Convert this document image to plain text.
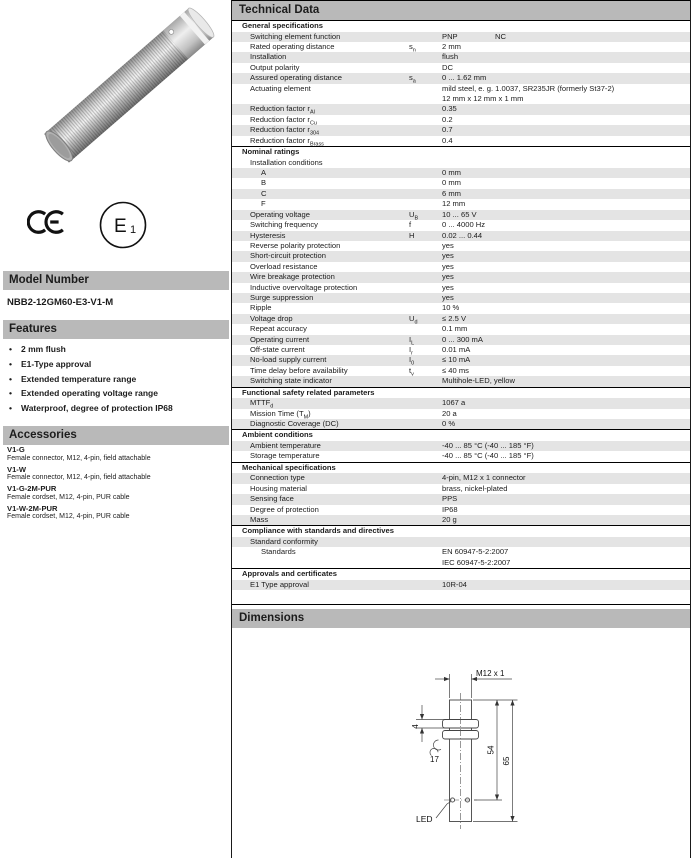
E 1
Model Number
NBB2-12GM60-E3-V1-M
Features
• 2 mm flush
• E1-Type approval
• Extended temperature range
• Extended operating voltage range
• Waterproof, degree of protection IP68
Accessories
V1-G
Female connector, M12, 4-pin, field attachable
V1-W
Female connector, M12, 4-pin, field attachable
V1-G-2M-PUR
Female cordset, M12, 4-pin, PUR cable
V1-W-2M-PUR
Female cordset, M12, 4-pin, PUR cable
Technical Data
General specifications
Switching element function	PNP	NC
Rated operating distance	$s_n$	2 mm
Installation	flush
Output polarity	DC
Assured operating distance	$s_a$	0 ... 1.62 mm
Actuating element	mild steel, e. g. 1.0037, SR235JR (formerly St37-2)
12 mm x 12 mm x 1 mm
Reduction factor $r_{Al}$	0.35
Reduction factor $r_{Cu}$	0.2
Reduction factor $r_{304}$	0.7
Reduction factor $r_{Brass}$	0.4
Nominal ratings
Installation conditions
A	0 mm
B	0 mm
C	6 mm
F	12 mm
Operating voltage	$U_B$	10 ... 65 V
Switching frequency	f	0 ... 4000 Hz
Hysteresis	H	0.02 ... 0.44
Reverse polarity protection	yes
Short-circuit protection	yes
Overload resistance	yes
Wire breakage protection	yes
Inductive overvoltage protection	yes
Surge suppression	yes
Ripple	10 %
Voltage drop	$U_d$	≤ 2.5 V
Repeat accuracy	0.1 mm
Operating current	$I_L$	0 ... 300 mA
Off-state current	$I_r$	0.01 mA
No-load supply current	$I_0$	≤ 10 mA
Time delay before availability	$t_v$	≤ 40 ms
Switching state indicator	Multihole-LED, yellow
Functional safety related parameters
$MTTF_d$	1067 a
Mission Time $(T_M)$	20 a
Diagnostic Coverage (DC)	0 %
Ambient conditions
Ambient temperature	-40 ... 85 °C (-40 ... 185 °F)
Storage temperature	-40 ... 85 °C (-40 ... 185 °F)
Mechanical specifications
Connection type	4-pin, M12 x 1 connector
Housing material	brass, nickel-plated
Sensing face	PPS
Degree of protection	IP68
Mass	20 g
Compliance with standards and directives
Standard conformity
Standards	EN 60947-5-2:2007
IEC 60947-5-2:2007
Approvals and certificates
E1 Type approval	10R-04
Dimensions
M12 x 1
4
17
54
65
LED
